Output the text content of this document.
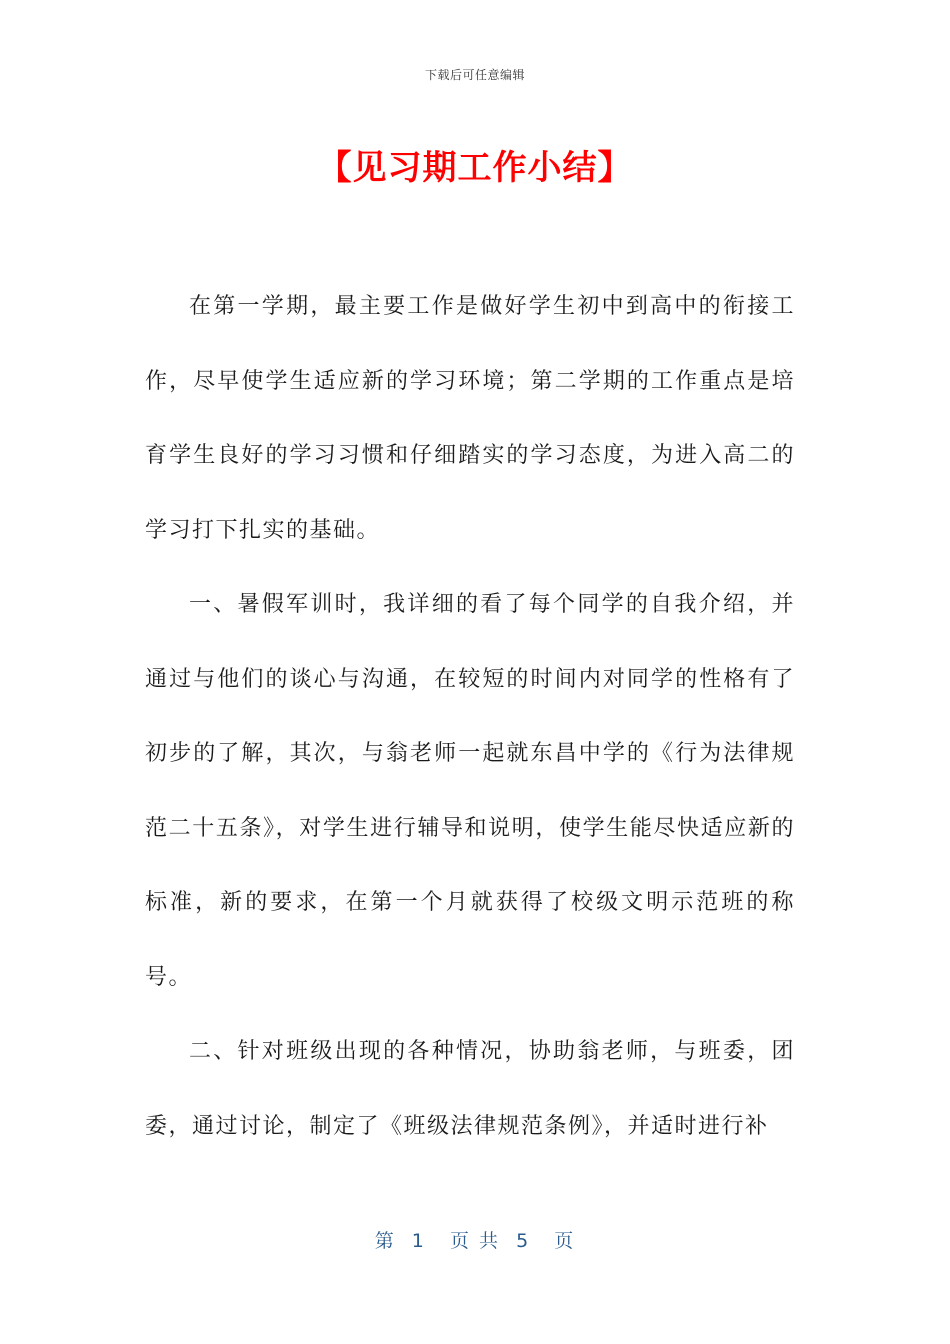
下载后可任意编辑
【见习期工作小结】

在第一学期，最主要工作是做好学生初中到高中的衔接工作，尽早使学生适应新的学习环境；第二学期的工作重点是培育学生良好的学习习惯和仔细踏实的学习态度，为进入高二的学习打下扎实的基础。

一、暑假军训时，我详细的看了每个同学的自我介绍，并通过与他们的谈心与沟通，在较短的时间内对同学的性格有了初步的了解，其次，与翁老师一起就东昌中学的《行为法律规范二十五条》，对学生进行辅导和说明，使学生能尽快适应新的标准，新的要求，在第一个月就获得了校级文明示范班的称号。

二、针对班级出现的各种情况，协助翁老师，与班委，团委，通过讨论，制定了《班级法律规范条例》，并适时进行补

第  1   页 共  5   页
